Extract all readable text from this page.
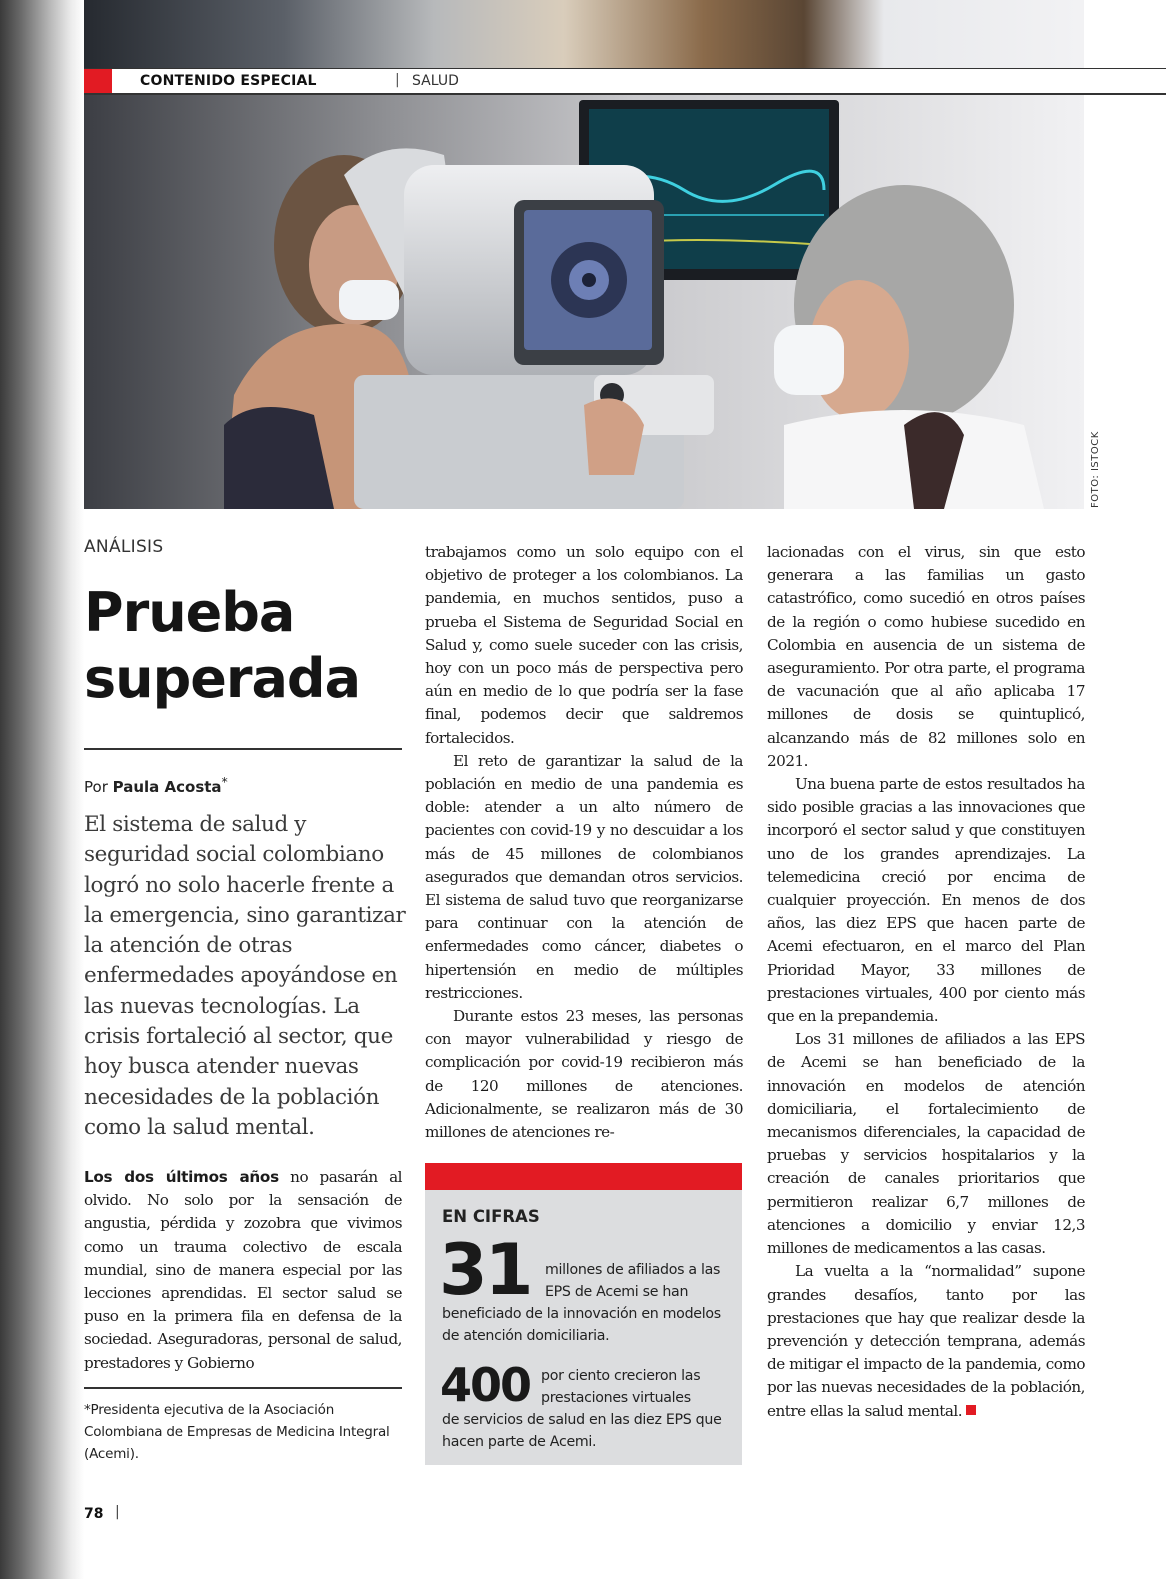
CONTENIDO ESPECIAL	| SALUD
FOTO: ISTOCK
ANÁLISIS
Prueba
superada
Por Paula Acosta*
El sistema de salud y seguridad social colombiano logró no solo hacerle frente a la emergencia, sino garantizar la atención de otras enfermedades apoyándose en las nuevas tecnologías. La crisis fortaleció al sector, que hoy busca atender nuevas necesidades de la población como la salud mental.

Los dos últimos años no pasarán al olvido. No solo por la sensación de angustia, pérdida y zozobra que vivimos como un trauma colectivo de escala mundial, sino de manera especial por las lecciones aprendidas. El sector salud se puso en la primera fila en defensa de la sociedad. Aseguradoras, personal de salud, prestadores y Gobierno

*Presidenta ejecutiva de la Asociación Colombiana de Empresas de Medicina Integral (Acemi).

trabajamos como un solo equipo con el objetivo de proteger a los colombianos. La pandemia, en muchos sentidos, puso a prueba el Sistema de Seguridad Social en Salud y, como suele suceder con las crisis, hoy con un poco más de perspectiva pero aún en medio de lo que podría ser la fase final, podemos decir que saldremos fortalecidos.

El reto de garantizar la salud de la población en medio de una pandemia es doble: atender a un alto número de pacientes con covid-19 y no descuidar a los más de 45 millones de colombianos asegurados que demandan otros servicios. El sistema de salud tuvo que reorganizarse para continuar con la atención de enfermedades como cáncer, diabetes o hipertensión en medio de múltiples restricciones.

Durante estos 23 meses, las personas con mayor vulnerabilidad y riesgo de complicación por covid-19 recibieron más de 120 millones de atenciones. Adicionalmente, se realizaron más de 30 millones de atenciones re-

EN CIFRAS
31 millones de afiliados a las EPS de Acemi se han
beneficiado de la innovación en modelos de atención domiciliaria.
400 por ciento crecieron las prestaciones virtuales
de servicios de salud en las diez EPS que hacen parte de Acemi.

lacionadas con el virus, sin que esto generara a las familias un gasto catastrófico, como sucedió en otros países de la región o como hubiese sucedido en Colombia en ausencia de un sistema de aseguramiento. Por otra parte, el programa de vacunación que al año aplicaba 17 millones de dosis se quintuplicó, alcanzando más de 82 millones solo en 2021.

Una buena parte de estos resultados ha sido posible gracias a las innovaciones que incorporó el sector salud y que constituyen uno de los grandes aprendizajes. La telemedicina creció por encima de cualquier proyección. En menos de dos años, las diez EPS que hacen parte de Acemi efectuaron, en el marco del Plan Prioridad Mayor, 33 millones de prestaciones virtuales, 400 por ciento más que en la prepandemia.

Los 31 millones de afiliados a las EPS de Acemi se han beneficiado de la innovación en modelos de atención domiciliaria, el fortalecimiento de mecanismos diferenciales, la capacidad de pruebas y servicios hospitalarios y la creación de canales prioritarios que permitieron realizar 6,7 millones de atenciones a domicilio y enviar 12,3 millones de medicamentos a las casas.

La vuelta a la “normalidad” supone grandes desafíos, tanto por las prestaciones que hay que realizar desde la prevención y detección temprana, además de mitigar el impacto de la pandemia, como por las nuevas necesidades de la población, entre ellas la salud mental.

78 |
